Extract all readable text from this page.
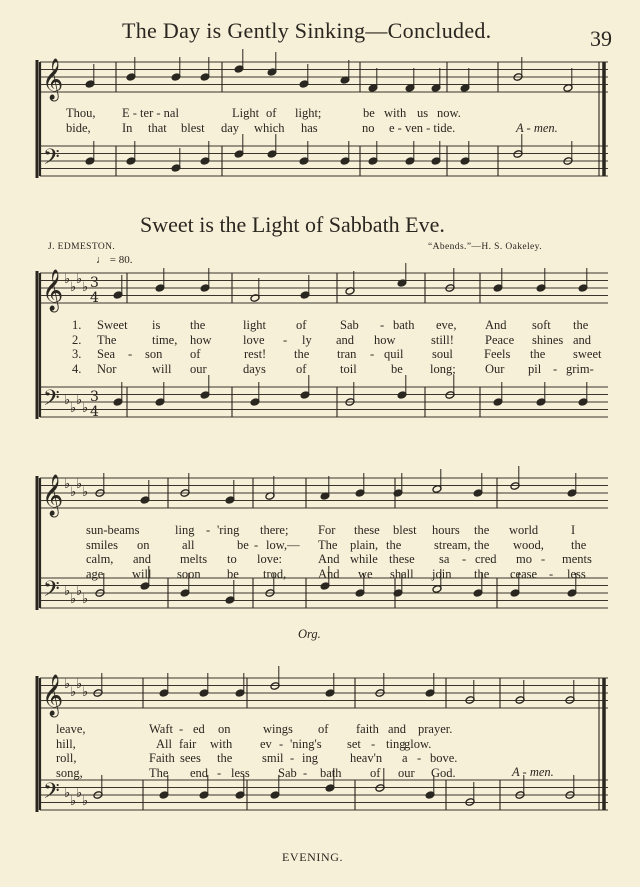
The Day is Gently Sinking—Concluded.	39
𝄞
𝄢
𝄞
𝄢
♭
♭
♭
♭
♭
♭
♭
♭
3
4
3
4
𝄞
𝄢
♭
♭
♭
♭
♭
♭
♭
♭
𝄞
𝄢
♭
♭
♭
♭
♭
♭
♭
♭
Thou, E - ter - nal	Light of light;	be with us now.
bide,	In that blest day which has	no e - ven - tide.	A - men.
Sweet is the Light of Sabbath Eve.
J. EDMESTON.	“Abends.”—H. S. Oakeley.
♩ = 80.
1. Sweet is the	light of	Sab - bath eve, And soft the
2. The	time, how	love - ly and how	still! Peace shines and
3. Sea - son of	rest! the tran - quil soul Feels the sweet
4. Nor	will our	days of	toil	be long; Our pil - grim-
sun-beams	ling - 'ring there; For these blest hours the world	I
smiles on	all	be - low,— The plain, the	stream, the wood, the
calm, and melts to love:	And while these sa - cred mo - ments
age will soon be trod,	And we shall join the cease - less
leave,	Waft - ed on	wings of faith and prayer.
hill,	All fair with ev - 'ning's set - ting
glow.
roll,	Faith sees the smil - ing	heav'n a - bove.
song,	The end - less Sab - bath of our God.
Org.
A - men.
EVENING.
